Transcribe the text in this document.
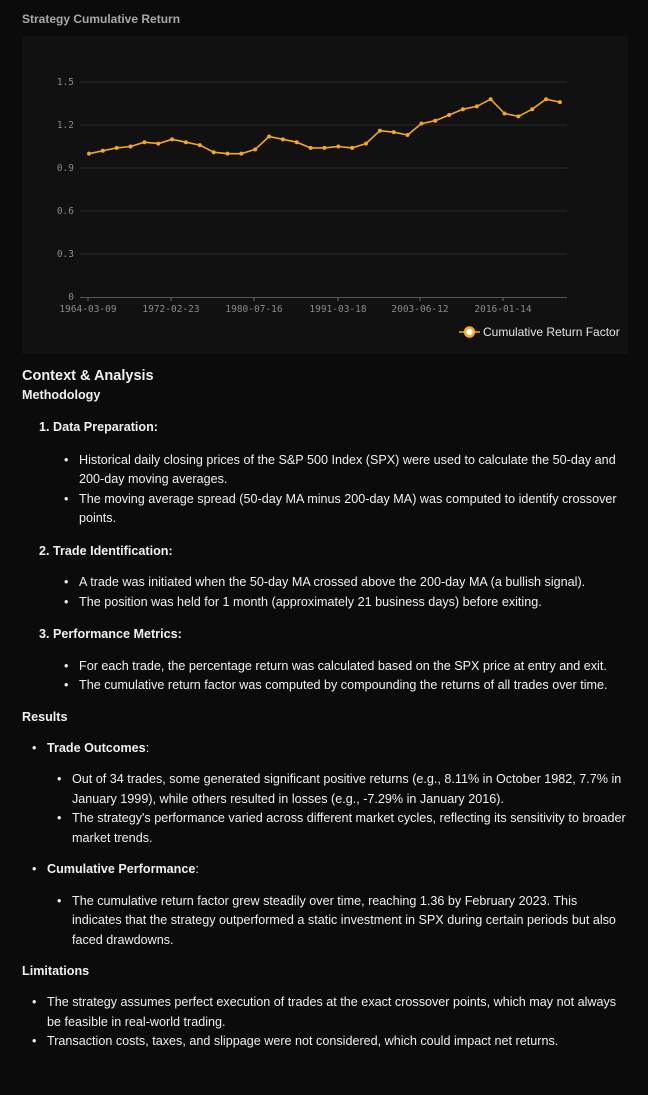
Strategy Cumulative Return
0
0.3
0.6
0.9
1.2
1.5
1964-03-09	1972-02-23	1980-07-16	1991-03-18	2003-06-12	2016-01-14
Cumulative Return Factor
Context & Analysis
Methodology
1. Data Preparation:
• Historical daily closing prices of the S&P 500 Index (SPX) were used to calculate the 50-day and 200-day moving averages.
• The moving average spread (50-day MA minus 200-day MA) was computed to identify crossover points.
2. Trade Identification:
• A trade was initiated when the 50-day MA crossed above the 200-day MA (a bullish signal).
• The position was held for 1 month (approximately 21 business days) before exiting.
3. Performance Metrics:
• For each trade, the percentage return was calculated based on the SPX price at entry and exit.
• The cumulative return factor was computed by compounding the returns of all trades over time.
Results
• Trade Outcomes:
• Out of 34 trades, some generated significant positive returns (e.g., 8.11% in October 1982, 7.7% in January 1999), while others resulted in losses (e.g., -7.29% in January 2016).
• The strategy's performance varied across different market cycles, reflecting its sensitivity to broader market trends.
• Cumulative Performance:
• The cumulative return factor grew steadily over time, reaching 1.36 by February 2023. This indicates that the strategy outperformed a static investment in SPX during certain periods but also faced drawdowns.
Limitations
• The strategy assumes perfect execution of trades at the exact crossover points, which may not always be feasible in real-world trading.
• Transaction costs, taxes, and slippage were not considered, which could impact net returns.
